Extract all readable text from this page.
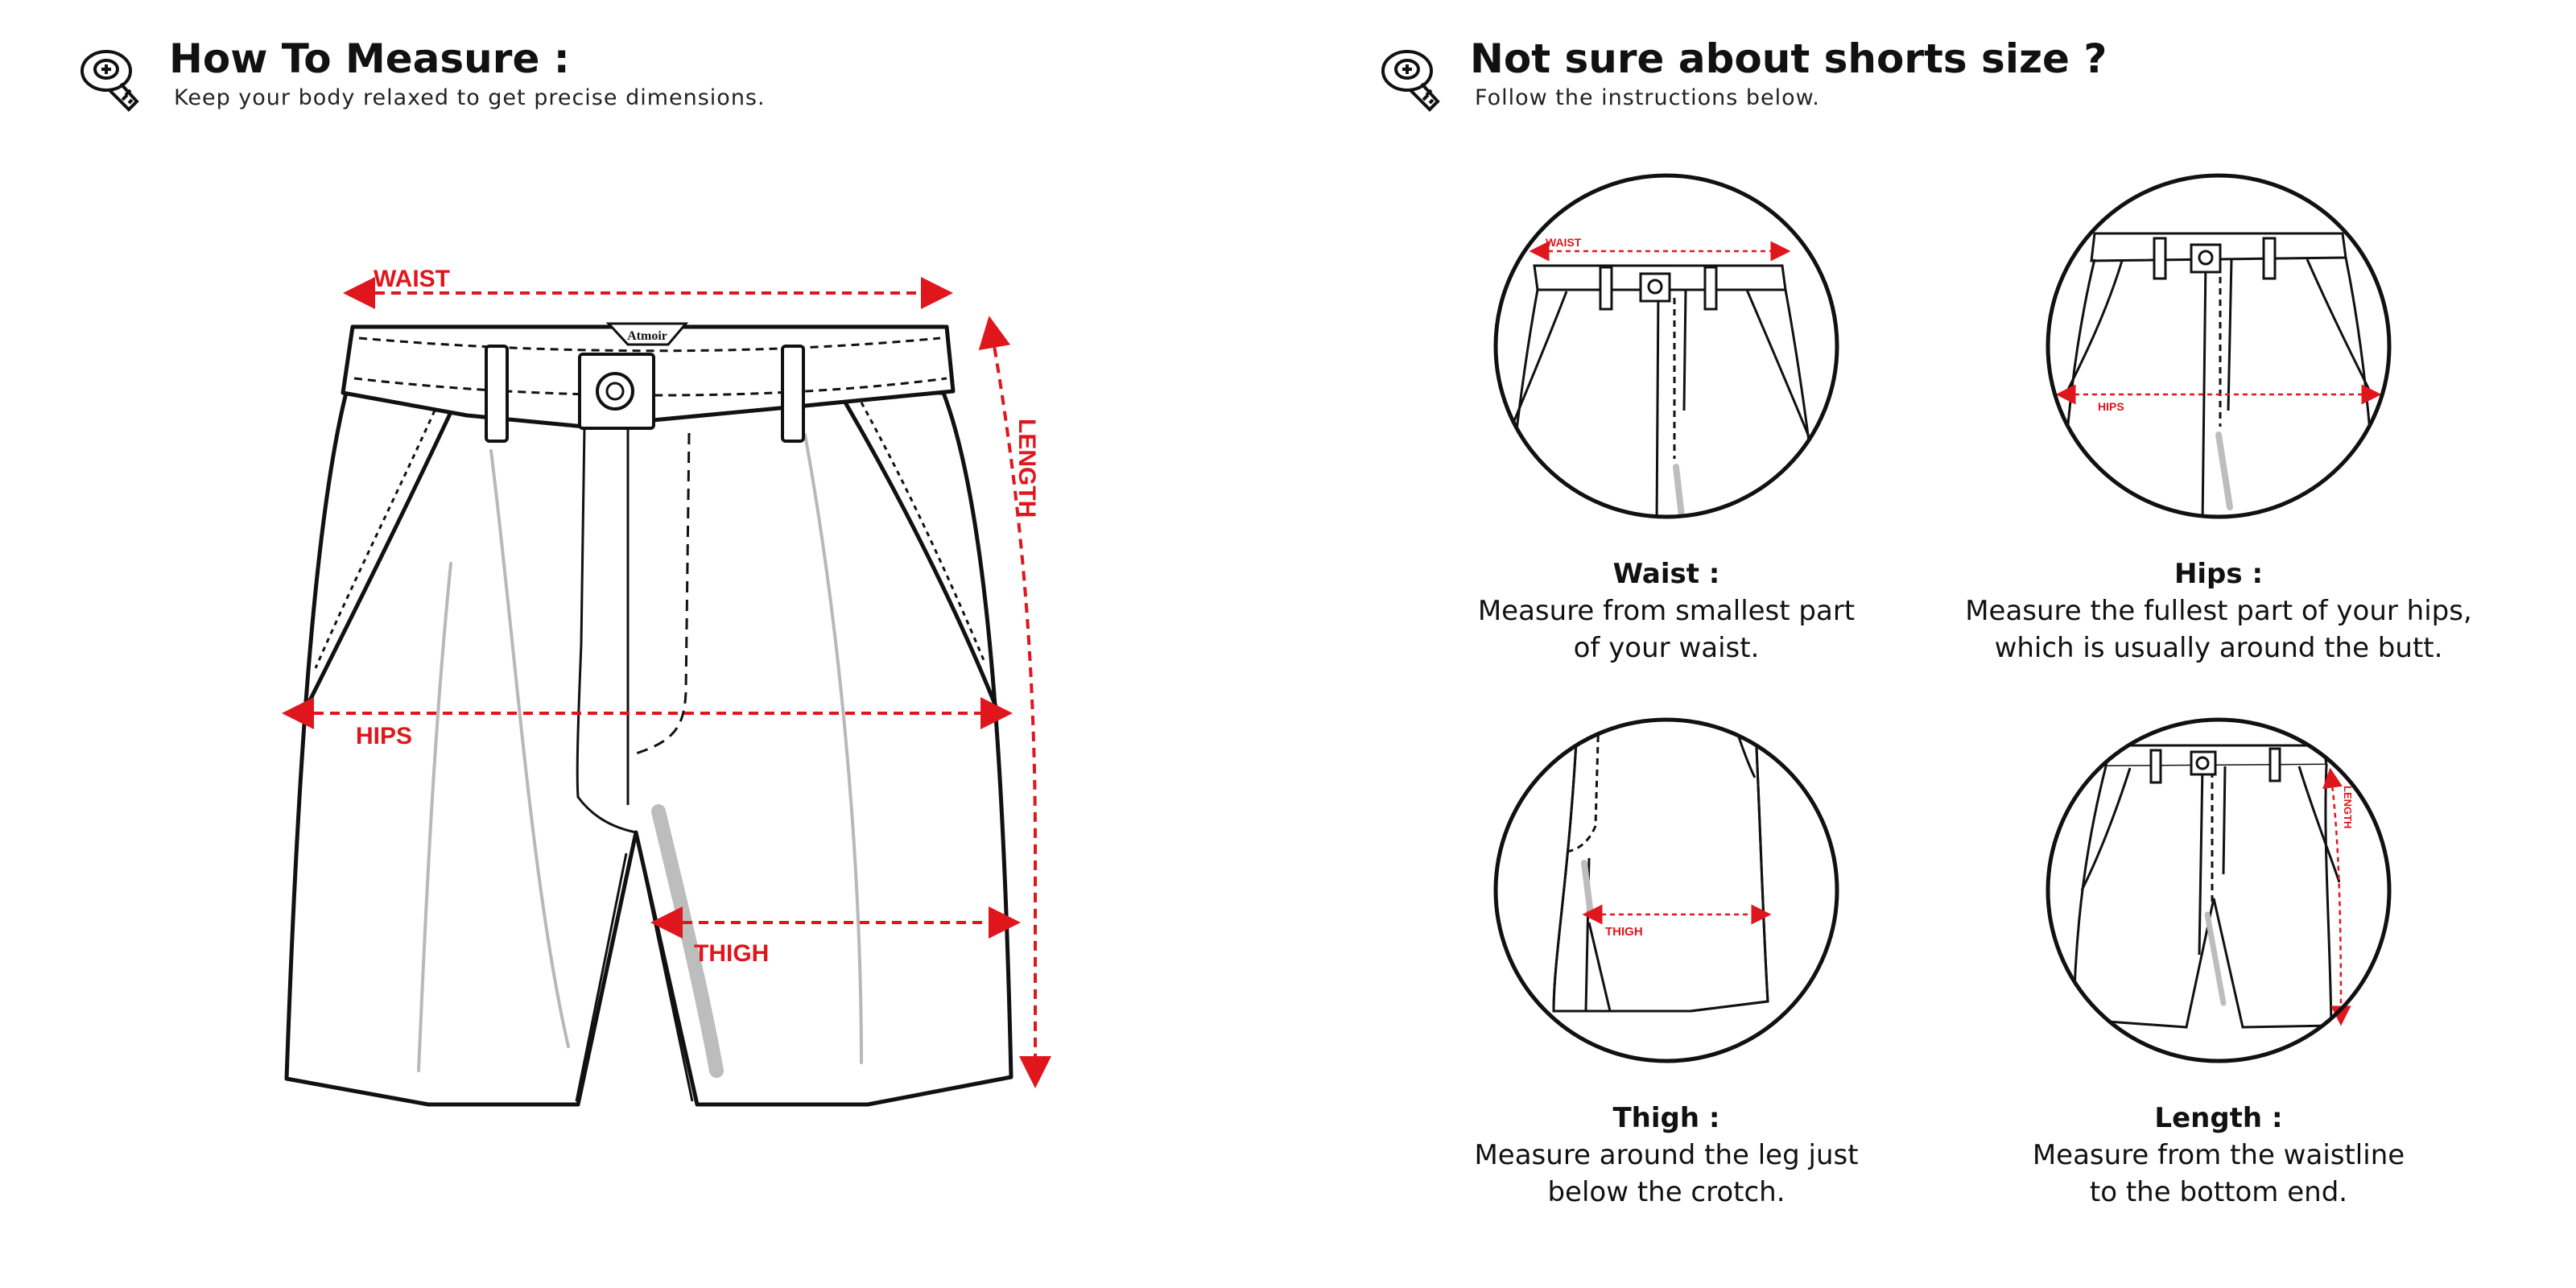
How To Measure :
Keep your body relaxed to get precise dimensions.
Not sure about shorts size ?
Follow the instructions below.
Atmoir
WAIST
LENGTH
HIPS
THIGH
WAIST
HIPS
THIGH
LENGTH
Waist :
Measure from smallest part
of your waist.
Hips :
Measure the fullest part of your hips,
which is usually around the butt.
Thigh :
Measure around the leg just
below the crotch.
Length :
Measure from the waistline
to the bottom end.
